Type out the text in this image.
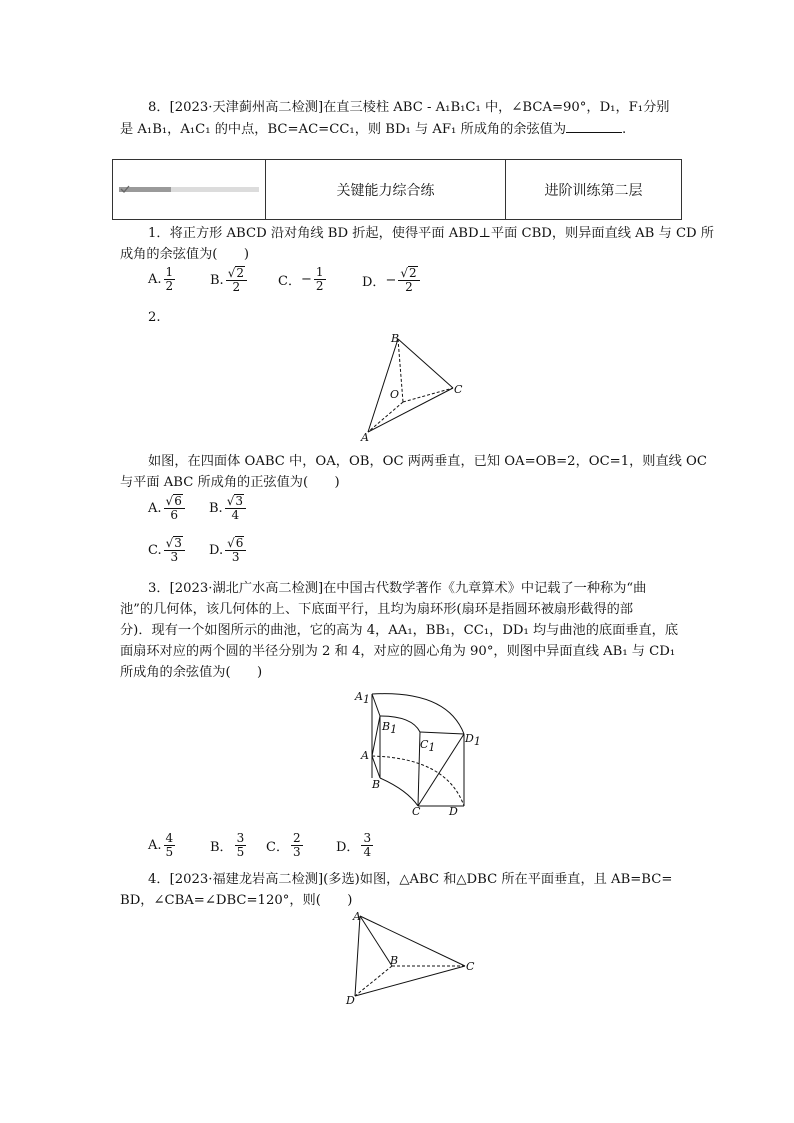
8．[2023·天津蓟州高二检测]在直三棱柱 ABC - A₁B₁C₁ 中，∠BCA=90°，D₁，F₁分别
是 A₁B₁，A₁C₁ 的中点，BC=AC=CC₁，则 BD₁ 与 AF₁ 所成角的余弦值为	.
关键能力综合练	进阶训练第二层
1．将正方形 ABCD 沿对角线 BD 折起，使得平面 ABD⊥平面 CBD，则异面直线 AB 与 CD 所
成角的余弦值为(　　)
A. $\frac{1}{2}$	B. $\frac{√ 2}{2}$ C． − $\frac{1}{2}$	D． − $\frac{√ 2}{2}$
2.
B
O	C
A
如图，在四面体 OABC 中，OA，OB，OC 两两垂直，已知 OA=OB=2，OC=1，则直线 OC
与平面 ABC 所成角的正弦值为(　　)
A. $\frac{√ 6}{6} B$. $\frac{√ 3}{4}$
C. $\frac{√ 3}{3} D$. $\frac{√ 6}{3}$
3．[2023·湖北广水高二检测]在中国古代数学著作《九章算术》中记载了一种称为“曲
池”的几何体，该几何体的上、下底面平行，且均为扇环形(扇环是指圆环被扇形截得的部
分)．现有一个如图所示的曲池，它的高为 4，AA₁，BB₁，CC₁，DD₁ 均与曲池的底面垂直，底
面扇环对应的两个圆的半径分别为 2 和 4，对应的圆心角为 90°，则图中异面直线 AB₁ 与 CD₁
所成角的余弦值为(　　)
A1
B1
C1
D1
A
B
C	D
A. $\frac{4}{5}$	B． $\frac{3}{5}$ C． $\frac{2}{3}$	D． $\frac{3}{4}$
4．[2023·福建龙岩高二检测](多选)如图，△ABC 和△DBC 所在平面垂直，且 AB=BC=
BD，∠CBA=∠DBC=120°，则(　　)
A
B	C
D
